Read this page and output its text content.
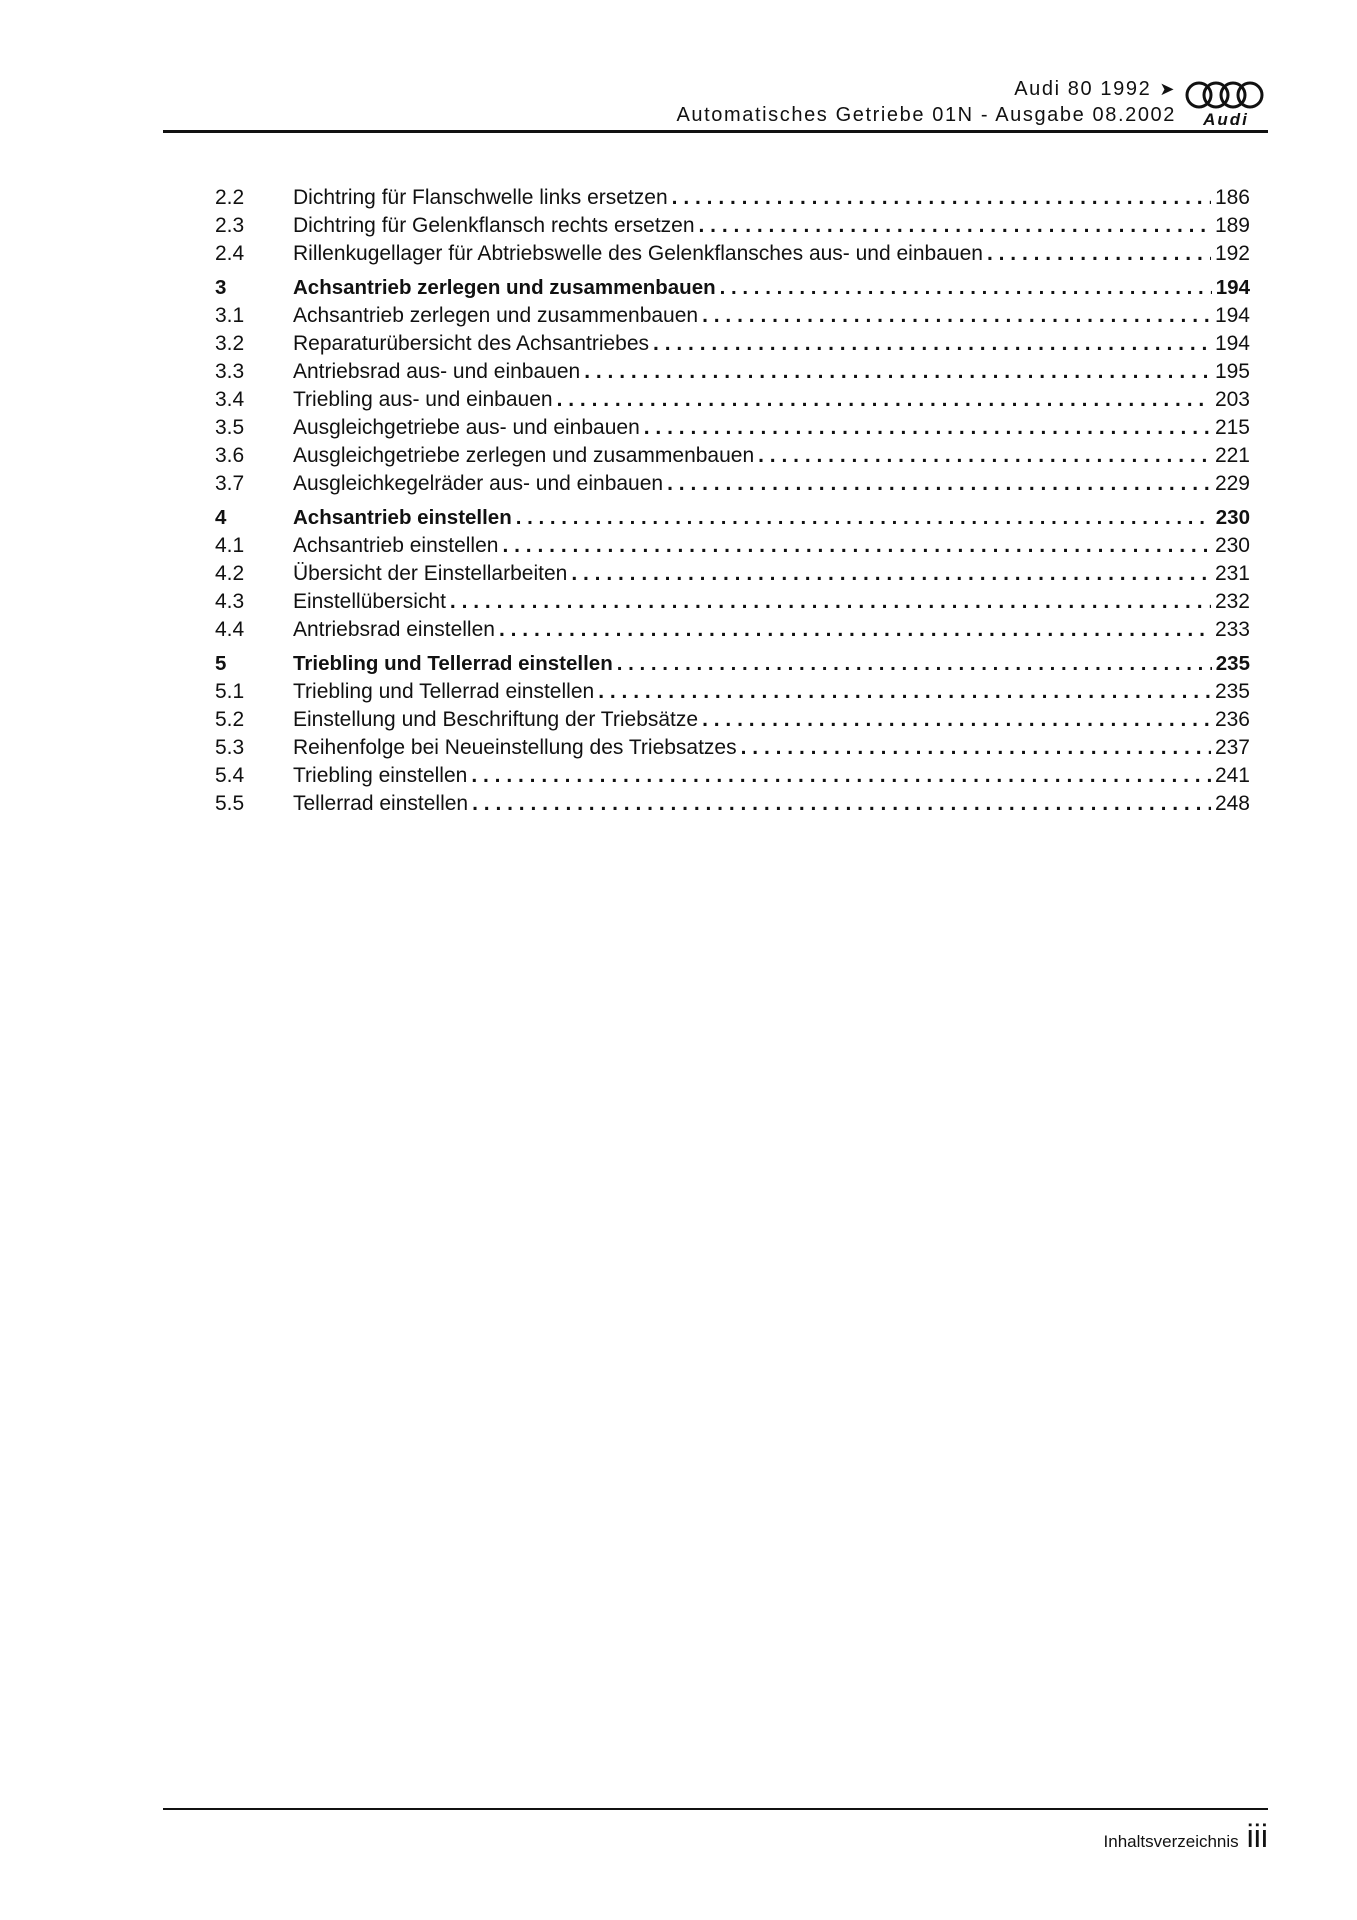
Audi 80 1992 ➤
Automatisches Getriebe 01N - Ausgabe 08.2002	Audi
2.2	Dichtring für Flanschwelle links ersetzen . . .	186
2.3	Dichtring für Gelenkflansch rechts ersetzen . . .	189
2.4	Rillenkugellager für Abtriebswelle des Gelenkflansches aus- und einbauen . . .	192
3	Achsantrieb zerlegen und zusammenbauen . . .	194
3.1	Achsantrieb zerlegen und zusammenbauen . . .	194
3.2	Reparaturübersicht des Achsantriebes . . .	194
3.3	Antriebsrad aus- und einbauen . . .	195
3.4	Triebling aus- und einbauen . . .	203
3.5	Ausgleichgetriebe aus- und einbauen . . .	215
3.6	Ausgleichgetriebe zerlegen und zusammenbauen . . .	221
3.7	Ausgleichkegelräder aus- und einbauen . . .	229
4	Achsantrieb einstellen . . .	230
4.1	Achsantrieb einstellen . . .	230
4.2	Übersicht der Einstellarbeiten . . .	231
4.3	Einstellübersicht . . .	232
4.4	Antriebsrad einstellen . . .	233
5	Triebling und Tellerrad einstellen . . .	235
5.1	Triebling und Tellerrad einstellen . . .	235
5.2	Einstellung und Beschriftung der Triebsätze . . .	236
5.3	Reihenfolge bei Neueinstellung des Triebsatzes . . .	237
5.4	Triebling einstellen . . .	241
5.5	Tellerrad einstellen . . .	248
Inhaltsverzeichnis iii
